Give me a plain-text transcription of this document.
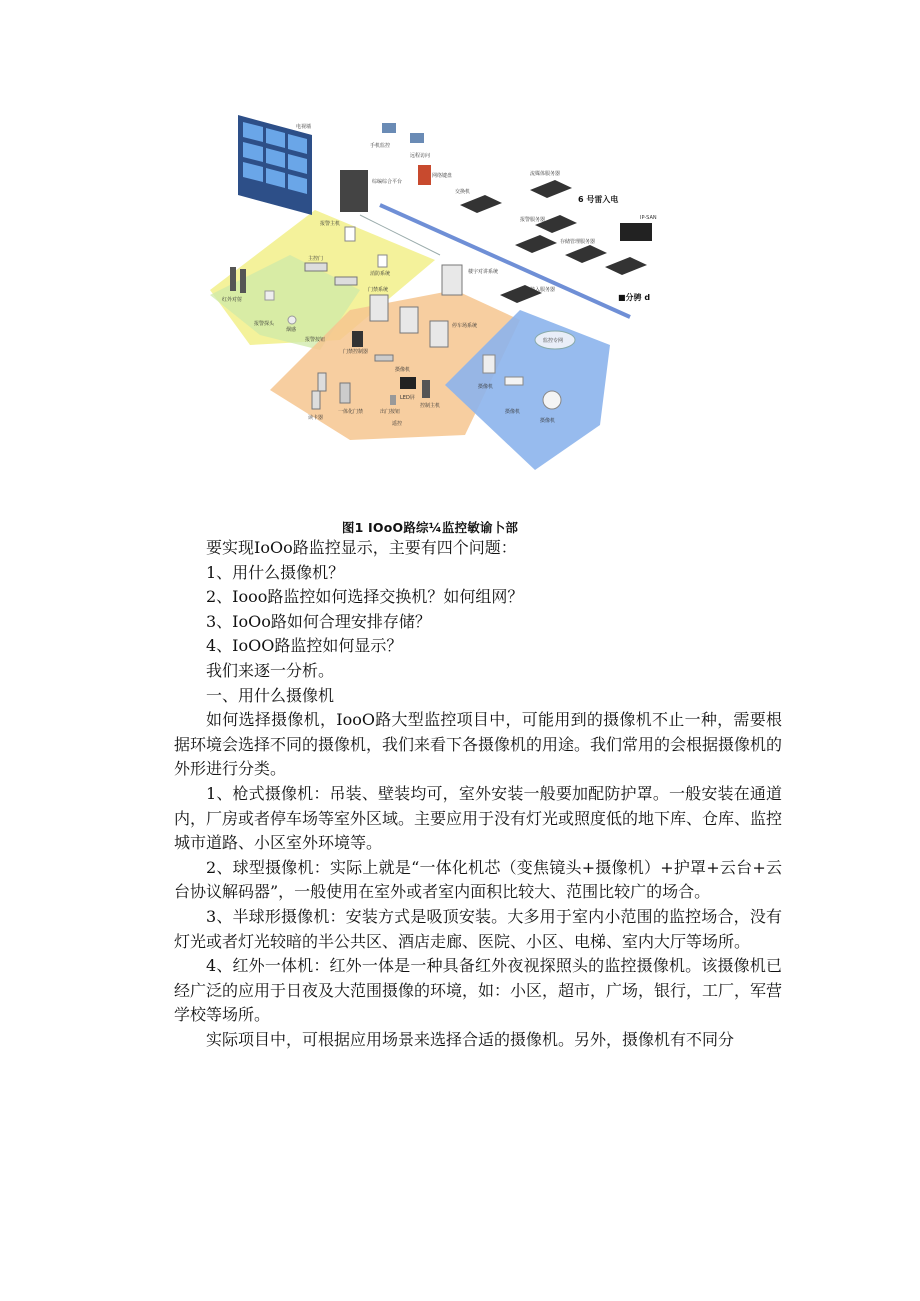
电视墙
手机监控
远程访问
综编综合平台
网络键盘
交换机
流媒体服务器
报警服务器
存储管理服务器
IP-SAN
接入服务器
6 号雷入电
■分骋 d
报警主机
主控门
消防系统
红外对射
报警探头
烟感
报警按钮
楼宇对讲系统
门禁系统
停车场系统
门禁控制器
摄像机
LED屏
读卡器
一体化门禁
控制主机
出门按钮
遥控
监控专网
摄像机
摄像机
摄像机
图1 IOoO路综¼监控敏谕卜部

要实现IoOo路监控显示，主要有四个问题：

1、用什么摄像机？

2、Iooo路监控如何选择交换机？如何组网？

3、IoOo路如何合理安排存储？

4、IoOO路监控如何显示？

我们来逐一分析。

一、用什么摄像机

如何选择摄像机，IooO路大型监控项目中，可能用到的摄像机不止一种，需要根据环境会选择不同的摄像机，我们来看下各摄像机的用途。我们常用的会根据摄像机的外形进行分类。

1、枪式摄像机：吊装、壁装均可，室外安装一般要加配防护罩。一般安装在通道内，厂房或者停车场等室外区域。主要应用于没有灯光或照度低的地下库、仓库、监控城市道路、小区室外环境等。

2、球型摄像机：实际上就是“一体化机芯（变焦镜头+摄像机）+护罩+云台+云台协议解码器”，一般使用在室外或者室内面积比较大、范围比较广的场合。

3、半球形摄像机：安装方式是吸顶安装。大多用于室内小范围的监控场合，没有灯光或者灯光较暗的半公共区、酒店走廊、医院、小区、电梯、室内大厅等场所。

4、红外一体机：红外一体是一种具备红外夜视探照头的监控摄像机。该摄像机已经广泛的应用于日夜及大范围摄像的环境，如：小区，超市，广场，银行，工厂，军营学校等场所。

实际项目中，可根据应用场景来选择合适的摄像机。另外，摄像机有不同分
